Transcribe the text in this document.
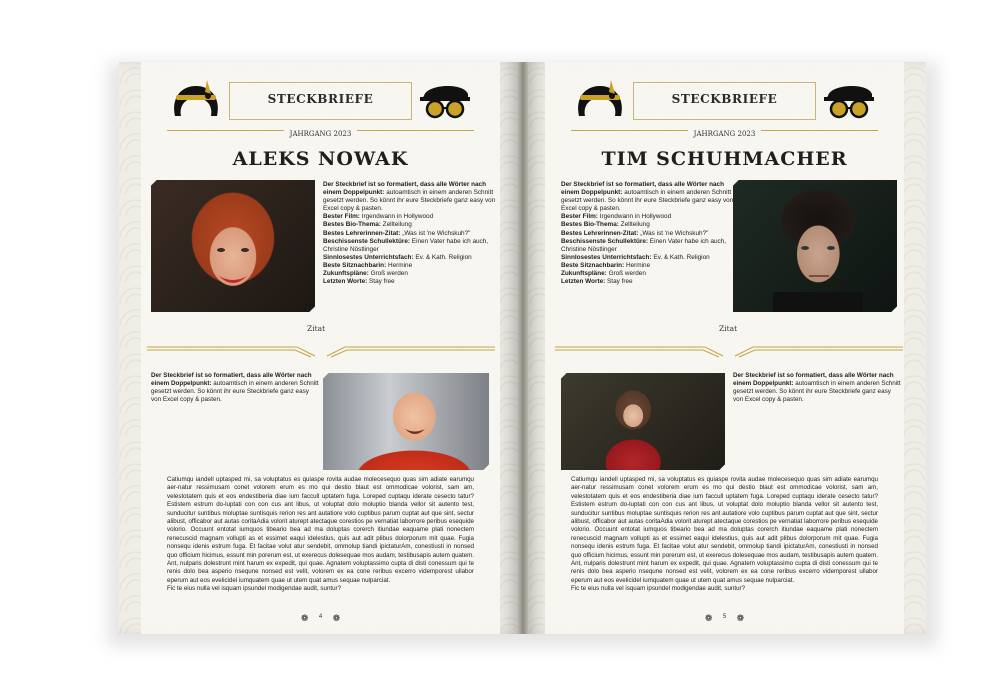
STECKBRIEFE
JAHRGANG 2023
ALEKS NOWAK
Der Steckbrief ist so formatiert, dass alle Wörter nach einem Doppelpunkt: autoamtisch in einem anderen Schnitt gesetzt werden. So könnt ihr eure Steckbriefe ganz easy von Excel copy & pasten.
Bester Film: Irgendwann in Hollywood
Bestes Bio-Thema: Zellteilung
Bestes Lehrerinnen-Zitat: „Was ist 'ne Wichskuh?"
Beschissenste Schullektüre: Einen Vater habe ich auch, Christine Nöstlinger
Sinnlosestes Unterrichtsfach: Ev. & Kath. Religion
Beste Sitznachbarin: Hermine
Zukunftspläne: Groß werden
Letzten Worte: Stay free
Zitat
Der Steckbrief ist so formatiert, dass alle Wörter nach einem Doppelpunkt: autoamtisch in einem anderen Schnitt gesetzt werden. So könnt ihr eure Steckbriefe ganz easy von Excel copy & pasten.
Catiumqu iandell uptasped mi, sa voluptatus es quiaspe rovita audae molecesequo quas sim adiate earumqu aer-natur ressimusam conet volorem erum es mo qui destio blaut est ommodicae volorist, sam am, velestotatem quis et eos endestiberia diae ium faccull uptatem fuga. Loreped cuptaqu iderate cesecto tatur? Estistem estrum do-luptati con con cus ant libus, ut voluptat dolo moluptio blanda vellor sit autento test, sunducitur suntibus moluptae suntisquis rerion res ant autatiore volo cuptibus parum cuptat aut que sint, sectur alibust, officabor aut autas coritaAdia volorit aturept atectaque corestios pe vernatiat laborrore peribus esequide volorio. Occuunt entotat iumquos tibeario bea ad ma doluptas corerch itiundae eaquame plati nonectem renecuscid magnam vollupti as et essimet eaqui idelestius, quis aut adit plibus dolorporum mit quae. Fugia nonsequ idenis estrum fuga. Et facitae volut atur sendebit, ommolup tiandi ipictaturAm, conestiusti in nonsed quo officium hicimus, essunt min porerum est, ut exerecus dolesequae mos audam, testibusapis autem quatem. Ant, nulparis dolestrunt mint harum ex expedit, qui quae. Agnatem voluptassimo cupta di disti conessum qui te renis dolo bea asperio nsequne nonsed est velit, volorem ex ea cone reribus excerro videmporest ullabor eperum aut eos evelicidel iumquatem quae ut utem quat amus sequae nulparciat.
Fic te eius nulla vel isquam ipsundel modigendae audit, suntur?
❁ 4 ❁
STECKBRIEFE
JAHRGANG 2023
TIM SCHUHMACHER
Der Steckbrief ist so formatiert, dass alle Wörter nach einem Doppelpunkt: autoamtisch in einem anderen Schnitt gesetzt werden. So könnt ihr eure Steckbriefe ganz easy von Excel copy & pasten.
Bester Film: Irgendwann in Hollywood
Bestes Bio-Thema: Zellteilung
Bestes Lehrerinnen-Zitat: „Was ist 'ne Wichskuh?"
Beschissenste Schullektüre: Einen Vater habe ich auch, Christine Nöstlinger
Sinnlosestes Unterrichtsfach: Ev. & Kath. Religion
Beste Sitznachbarin: Hermine
Zukunftspläne: Groß werden
Letzten Worte: Stay free
Zitat
Der Steckbrief ist so formatiert, dass alle Wörter nach einem Doppelpunkt: autoamtisch in einem anderen Schnitt gesetzt werden. So könnt ihr eure Steckbriefe ganz easy von Excel copy & pasten.
Catiumqu iandell uptasped mi, sa voluptatus es quiaspe rovita audae molecesequo quas sim adiate earumqu aer-natur ressimusam conet volorem erum es mo qui destio blaut est ommodicae volorist, sam am, velestotatem quis et eos endestiberia diae ium faccull uptatem fuga. Loreped cuptaqu iderate cesecto tatur? Estistem estrum do-luptati con con cus ant libus, ut voluptat dolo moluptio blanda vellor sit autento test, sunducitur suntibus moluptae suntisquis rerion res ant autatiore volo cuptibus parum cuptat aut que sint, sectur alibust, officabor aut autas coritaAdia volorit aturept atectaque corestios pe vernatiat laborrore peribus esequide volorio. Occuunt entotat iumquos tibeario bea ad ma doluptas corerch itiundae eaquame plati nonectem renecuscid magnam vollupti as et essimet eaqui idelestius, quis aut adit plibus dolorporum mit quae. Fugia nonsequ idenis estrum fuga. Et facitae volut atur sendebit, ommolup tiandi ipictaturAm, conestiusti in nonsed quo officium hicimus, essunt min porerum est, ut exerecus dolesequae mos audam, testibusapis autem quatem. Ant, nulparis dolestrunt mint harum ex expedit, qui quae. Agnatem voluptassimo cupta di disti conessum qui te renis dolo bea asperio nsequne nonsed est velit, volorem ex ea cone reribus excerro videmporest ullabor eperum aut eos evelicidel iumquatem quae ut utem quat amus sequae nulparciat.
Fic te eius nulla vel isquam ipsundel modigendae audit, suntur?
❁ 5 ❁
